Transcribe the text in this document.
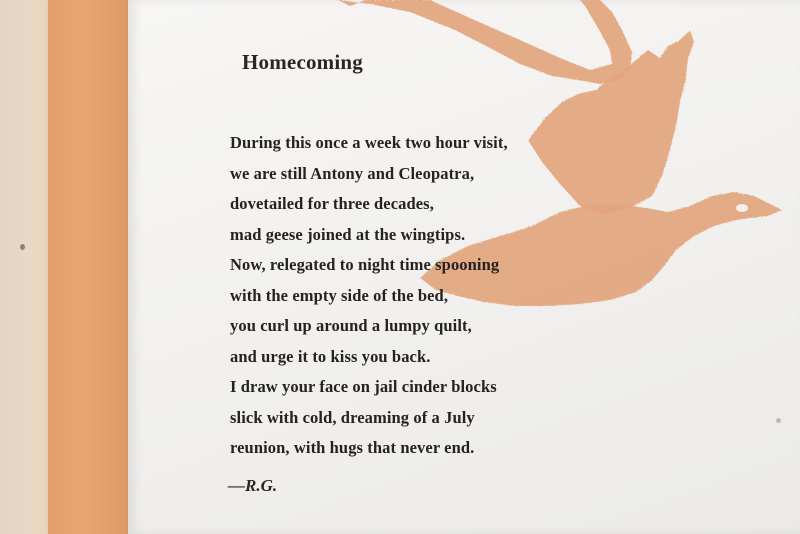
Homecoming
During this once a week two hour visit,
we are still Antony and Cleopatra,
dovetailed for three decades,
mad geese joined at the wingtips.
Now, relegated to night time spooning
with the empty side of the bed,
you curl up around a lumpy quilt,
and urge it to kiss you back.
I draw your face on jail cinder blocks
slick with cold, dreaming of a July
reunion, with hugs that never end.
—R.G.
